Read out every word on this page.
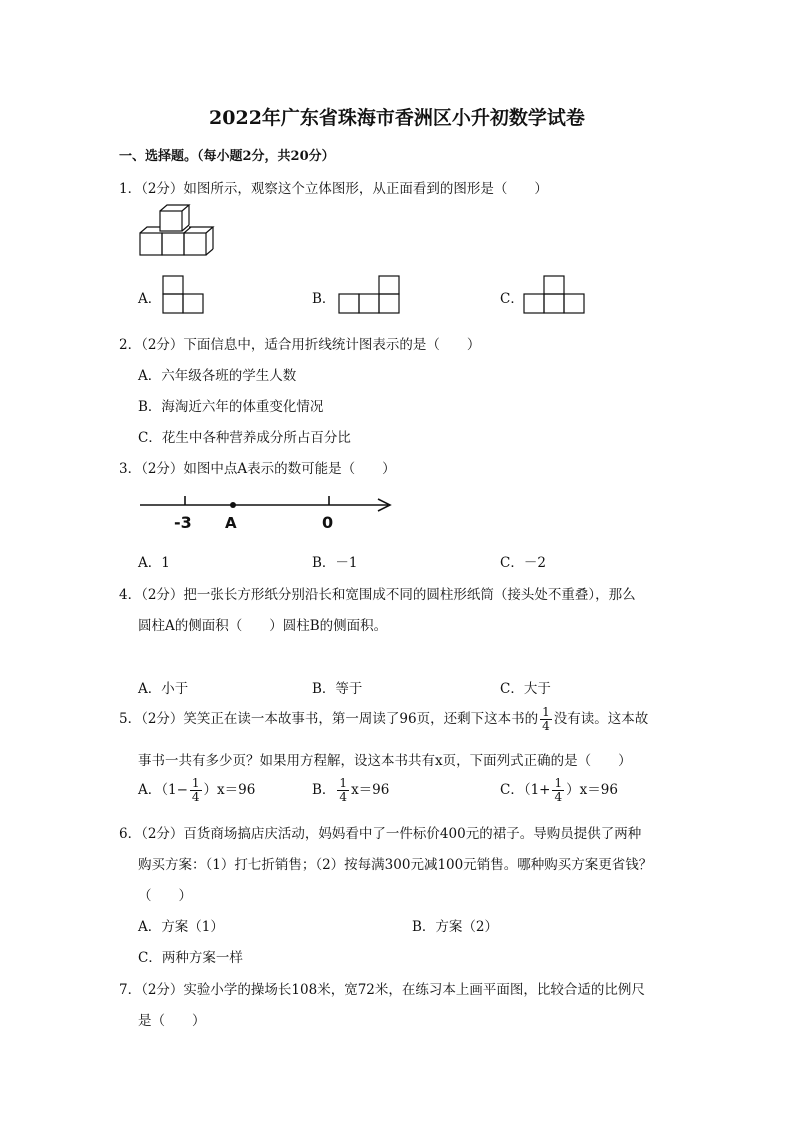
2022年广东省珠海市香洲区小升初数学试卷
一、选择题。（每小题2分，共20分）
1．（2分）如图所示，观察这个立体图形，从正面看到的图形是（　　）
A．	B．	C．
2．（2分）下面信息中，适合用折线统计图表示的是（　　）
A．六年级各班的学生人数
B．海淘近六年的体重变化情况
C．花生中各种营养成分所占百分比
3．（2分）如图中点A表示的数可能是（　　）
-3 A	0
A．1	B．－1	C．－2
4．（2分）把一张长方形纸分别沿长和宽围成不同的圆柱形纸筒（接头处不重叠），那么
圆柱A的侧面积（　　）圆柱B的侧面积。
A．小于	B．等于	C．大于
5．（2分）笑笑正在读一本故事书，第一周读了96页，还剩下这本书的 $\frac{1}{4}$ 没有读。这本故
事书一共有多少页？如果用方程解，设这本书共有x页，下面列式正确的是（　　）
A．$(1- \frac{1}{4} )x=96$	B． $\frac{1}{4} x=96$	C．$(1+ \frac{1}{4} )x=96$
6．（2分）百货商场搞店庆活动，妈妈看中了一件标价400元的裙子。导购员提供了两种
购买方案：（1）打七折销售；（2）按每满300元减100元销售。哪种购买方案更省钱？
（　　）
A．方案（1）	B．方案（2）
C．两种方案一样
7．（2分）实验小学的操场长108米，宽72米，在练习本上画平面图，比较合适的比例尺
是（　　）
